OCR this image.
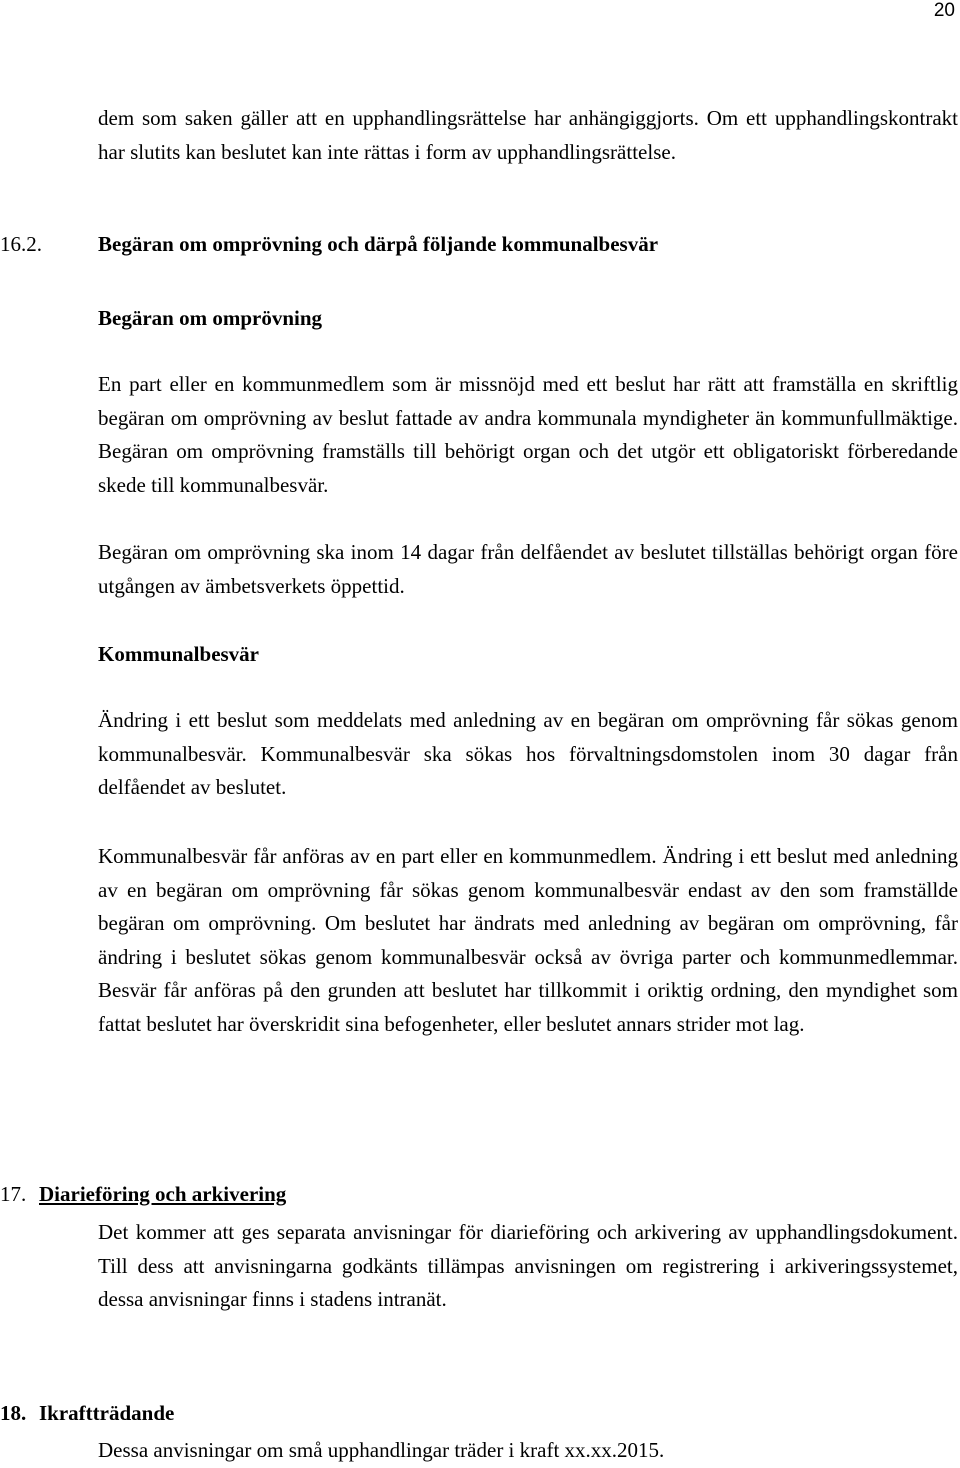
20
dem som saken gäller att en upphandlingsrättelse har anhängiggjorts. Om ett upphandlingskontrakt har slutits kan beslutet kan inte rättas i form av upphandlingsrättelse.
16.2.	Begäran om omprövning och därpå följande kommunalbesvär
Begäran om omprövning
En part eller en kommunmedlem som är missnöjd med ett beslut har rätt att framställa en skriftlig begäran om omprövning av beslut fattade av andra kommunala myndigheter än kommunfullmäktige. Begäran om omprövning framställs till behörigt organ och det utgör ett obligatoriskt förberedande skede till kommunalbesvär.
Begäran om omprövning ska inom 14 dagar från delfåendet av beslutet tillställas behörigt organ före utgången av ämbetsverkets öppettid.
Kommunalbesvär
Ändring i ett beslut som meddelats med anledning av en begäran om omprövning får sökas genom kommunalbesvär. Kommunalbesvär ska sökas hos förvaltningsdomstolen inom 30 dagar från delfåendet av beslutet.
Kommunalbesvär får anföras av en part eller en kommunmedlem. Ändring i ett beslut med anledning av en begäran om omprövning får sökas genom kommunalbesvär endast av den som framställde begäran om omprövning. Om beslutet har ändrats med anledning av begäran om omprövning, får ändring i beslutet sökas genom kommunalbesvär också av övriga parter och kommunmedlemmar. Besvär får anföras på den grunden att beslutet har tillkommit i oriktig ordning, den myndighet som fattat beslutet har överskridit sina befogenheter, eller beslutet annars strider mot lag.
17. Diarieföring och arkivering
Det kommer att ges separata anvisningar för diarieföring och arkivering av upphandlingsdokument. Till dess att anvisningarna godkänts tillämpas anvisningen om registrering i arkiveringssystemet, dessa anvisningar finns i stadens intranät.
18. Ikraftträdande
Dessa anvisningar om små upphandlingar träder i kraft xx.xx.2015.
